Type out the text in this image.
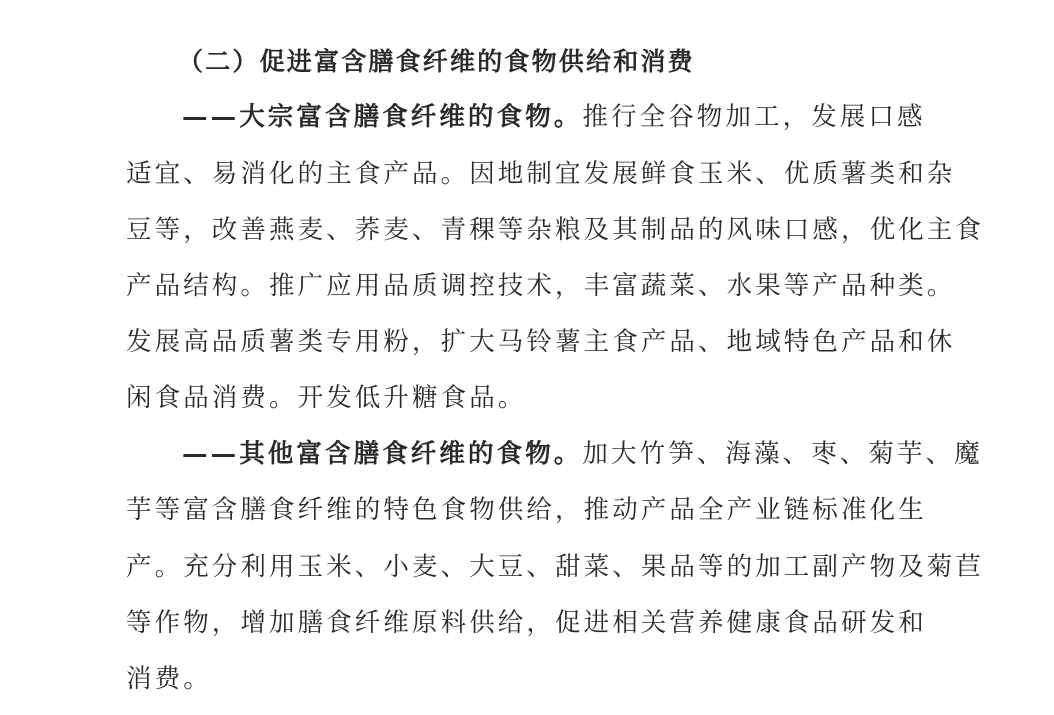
（二）促进富含膳食纤维的食物供给和消费
——大宗富含膳食纤维的食物。推行全谷物加工，发展口感
适宜、易消化的主食产品。因地制宜发展鲜食玉米、优质薯类和杂
豆等，改善燕麦、荞麦、青稞等杂粮及其制品的风味口感，优化主食
产品结构。推广应用品质调控技术，丰富蔬菜、水果等产品种类。
发展高品质薯类专用粉，扩大马铃薯主食产品、地域特色产品和休
闲食品消费。开发低升糖食品。
——其他富含膳食纤维的食物。加大竹笋、海藻、枣、菊芋、魔
芋等富含膳食纤维的特色食物供给，推动产品全产业链标准化生
产。充分利用玉米、小麦、大豆、甜菜、果品等的加工副产物及菊苣
等作物，增加膳食纤维原料供给，促进相关营养健康食品研发和
消费。
